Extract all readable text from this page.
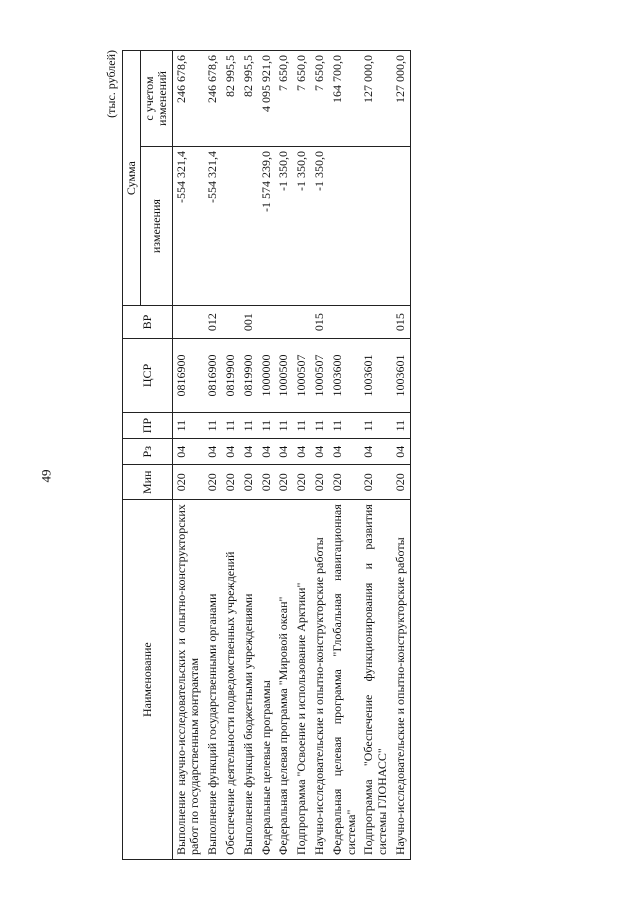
49
(тыс. рублей)
Наименование	Мин	Рз	ПР	ЦСР	ВР	Сумма	
						изменения	с учетом изменений
Выполнение научно-исследовательских и опытно-конструкторских работ по государственным контрактам	020	04	11	0816900		-554 321,4	246 678,6
Выполнение функций государственными органами	020	04	11	0816900	012	-554 321,4	246 678,6
Обеспечение деятельности подведомственных учреждений	020	04	11	0819900			82 995,5
Выполнение функций бюджетными учреждениями	020	04	11	0819900	001		82 995,5
Федеральные целевые программы	020	04	11	1000000		-1 574 239,0	4 095 921,0
Федеральная целевая программа "Мировой океан"	020	04	11	1000500		-1 350,0	7 650,0
Подпрограмма "Освоение и использование Арктики"	020	04	11	1000507		-1 350,0	7 650,0
Научно-исследовательские и опытно-конструкторские работы	020	04	11	1000507	015	-1 350,0	7 650,0
Федеральная целевая программа "Глобальная навигационная система"	020	04	11	1003600			164 700,0
Подпрограмма "Обеспечение функционирования и развития системы ГЛОНАСС"	020	04	11	1003601			127 000,0
Научно-исследовательские и опытно-конструкторские работы	020	04	11	1003601	015		127 000,0
